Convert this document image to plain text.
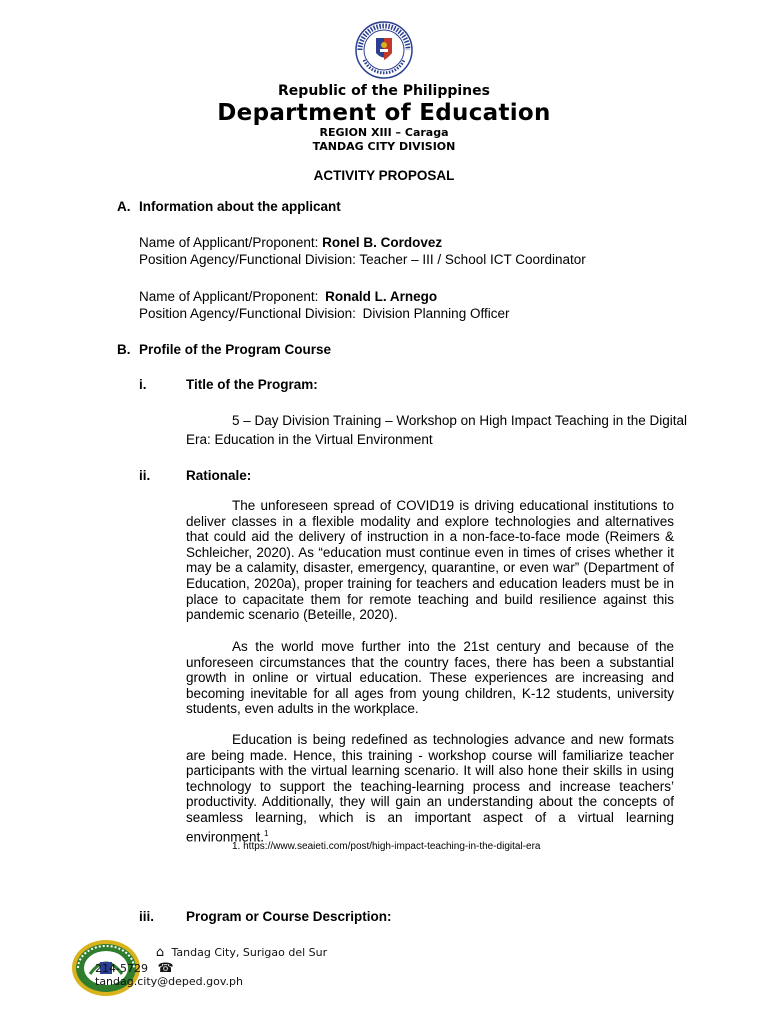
Republic of the Philippines
Department of Education
REGION XIII – Caraga
TANDAG CITY DIVISION
ACTIVITY PROPOSAL
A. Information about the applicant
Name of Applicant/Proponent: Ronel B. Cordovez
Position Agency/Functional Division: Teacher – III / School ICT Coordinator
Name of Applicant/Proponent: Ronald L. Arnego
Position Agency/Functional Division: Division Planning Officer
B. Profile of the Program Course
i.	Title of the Program:
5 – Day Division Training – Workshop on High Impact Teaching in the Digital
Era: Education in the Virtual Environment
ii.	Rationale:
The unforeseen spread of COVID19 is driving educational institutions to deliver classes in a flexible modality and explore technologies and alternatives that could aid the delivery of instruction in a non-face-to-face mode (Reimers & Schleicher, 2020). As “education must continue even in times of crises whether it may be a calamity, disaster, emergency, quarantine, or even war” (Department of Education, 2020a), proper training for teachers and education leaders must be in place to capacitate them for remote teaching and build resilience against this pandemic scenario (Beteille, 2020).
As the world move further into the 21st century and because of the unforeseen circumstances that the country faces, there has been a substantial growth in online or virtual education. These experiences are increasing and becoming inevitable for all ages from young children, K-12 students, university students, even adults in the workplace.
Education is being redefined as technologies advance and new formats are being made. Hence, this training - workshop course will familiarize teacher participants with the virtual learning scenario. It will also hone their skills in using technology to support the teaching-learning process and increase teachers’ productivity. Additionally, they will gain an understanding about the concepts of seamless learning, which is an important aspect of a virtual learning environment.$^1$
1. https://www.seaieti.com/post/high-impact-teaching-in-the-digital-era
iii. Program or Course Description:
⌂ Tandag City, Surigao del Sur
214-5729 ☎
tandag.city@deped.gov.ph
